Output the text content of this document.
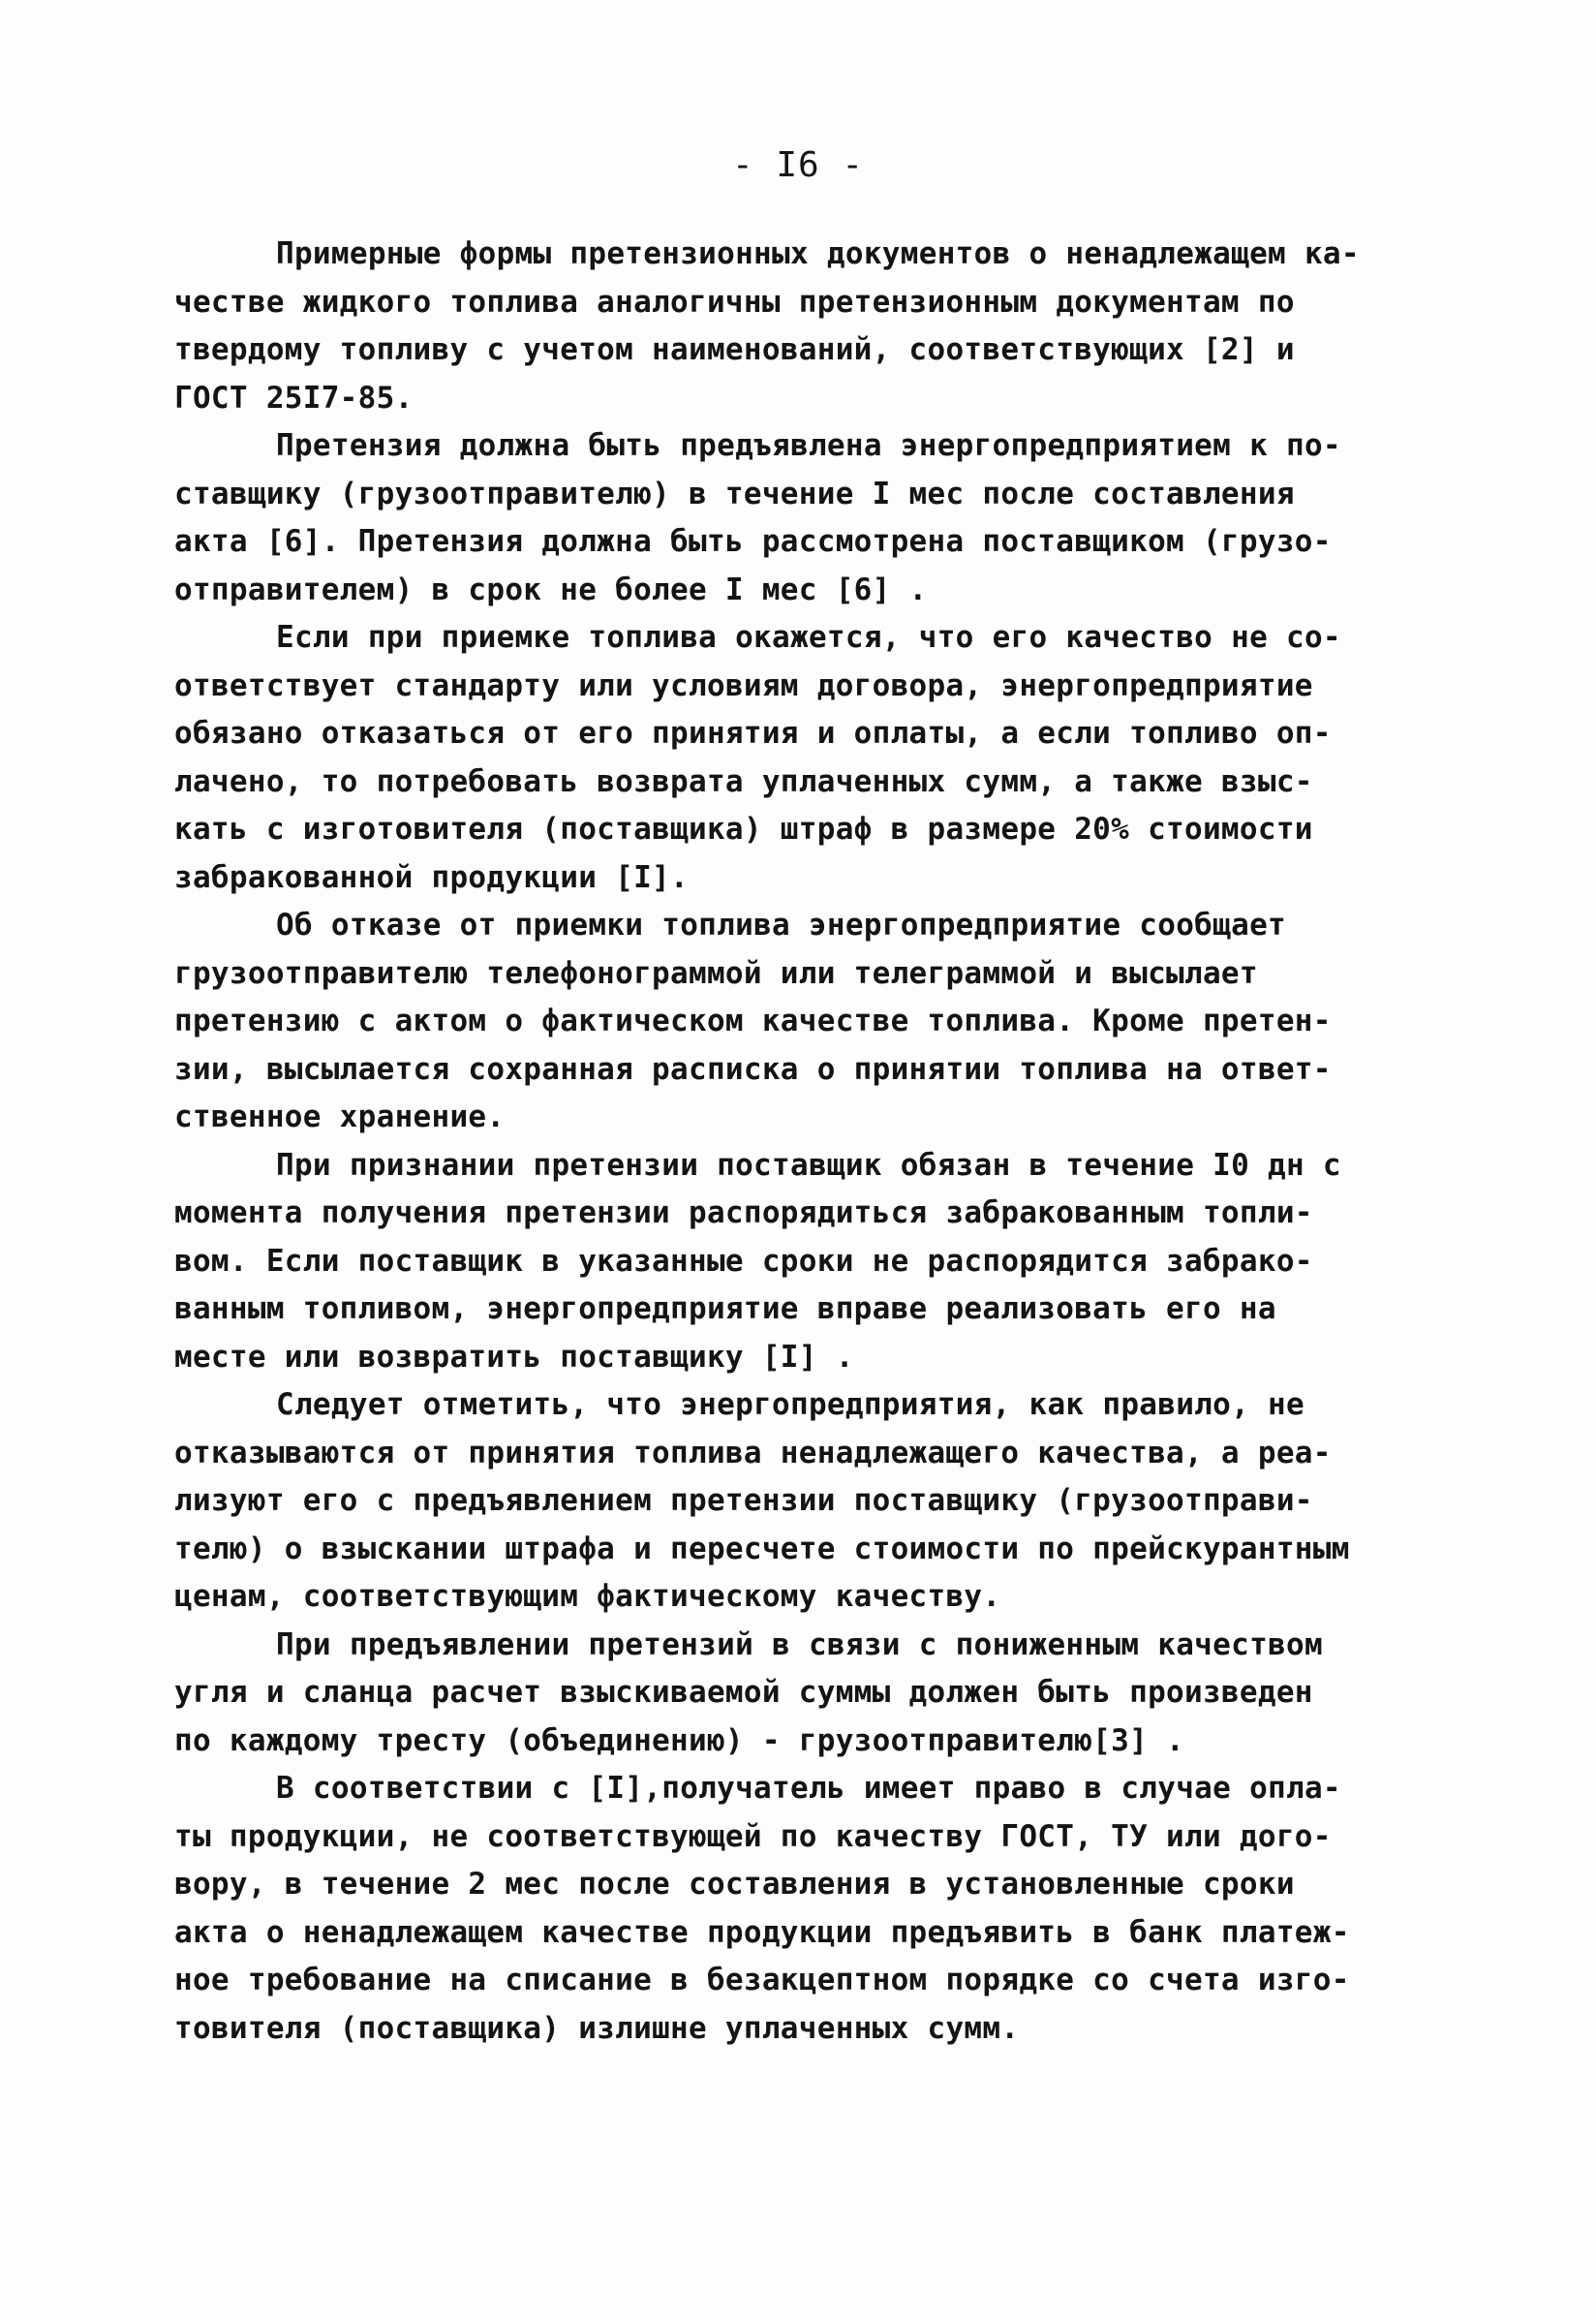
- I6 -
Примерные формы претензионных документов о ненадлежащем ка-
честве жидкого топлива аналогичны претензионным документам по
твердому топливу с учетом наименований, соответствующих [2] и
ГОСТ 25I7-85.
Претензия должна быть предъявлена энергопредприятием к по-
ставщику (грузоотправителю) в течение I мес после составления
акта [6]. Претензия должна быть рассмотрена поставщиком (грузо-
отправителем) в срок не более I мес [6] .
Если при приемке топлива окажется, что его качество не со-
ответствует стандарту или условиям договора, энергопредприятие
обязано отказаться от его принятия и оплаты, а если топливо оп-
лачено, то потребовать возврата уплаченных сумм, а также взыс-
кать с изготовителя (поставщика) штраф в размере 20% стоимости
забракованной продукции [I].
Об отказе от приемки топлива энергопредприятие сообщает
грузоотправителю телефонограммой или телеграммой и высылает
претензию с актом о фактическом качестве топлива. Кроме претен-
зии, высылается сохранная расписка о принятии топлива на ответ-
ственное хранение.
При признании претензии поставщик обязан в течение I0 дн с
момента получения претензии распорядиться забракованным топли-
вом. Если поставщик в указанные сроки не распорядится забрако-
ванным топливом, энергопредприятие вправе реализовать его на
месте или возвратить поставщику [I] .
Следует отметить, что энергопредприятия, как правило, не
отказываются от принятия топлива ненадлежащего качества, а реа-
лизуют его с предъявлением претензии поставщику (грузоотправи-
телю) о взыскании штрафа и пересчете стоимости по прейскурантным
ценам, соответствующим фактическому качеству.
При предъявлении претензий в связи с пониженным качеством
угля и сланца расчет взыскиваемой суммы должен быть произведен
по каждому тресту (объединению) - грузоотправителю[3] .
В соответствии с [I],получатель имеет право в случае опла-
ты продукции, не соответствующей по качеству ГОСТ, ТУ или дого-
вору, в течение 2 мес после составления в установленные сроки
акта о ненадлежащем качестве продукции предъявить в банк платеж-
ное требование на списание в безакцептном порядке со счета изго-
товителя (поставщика) излишне уплаченных сумм.
